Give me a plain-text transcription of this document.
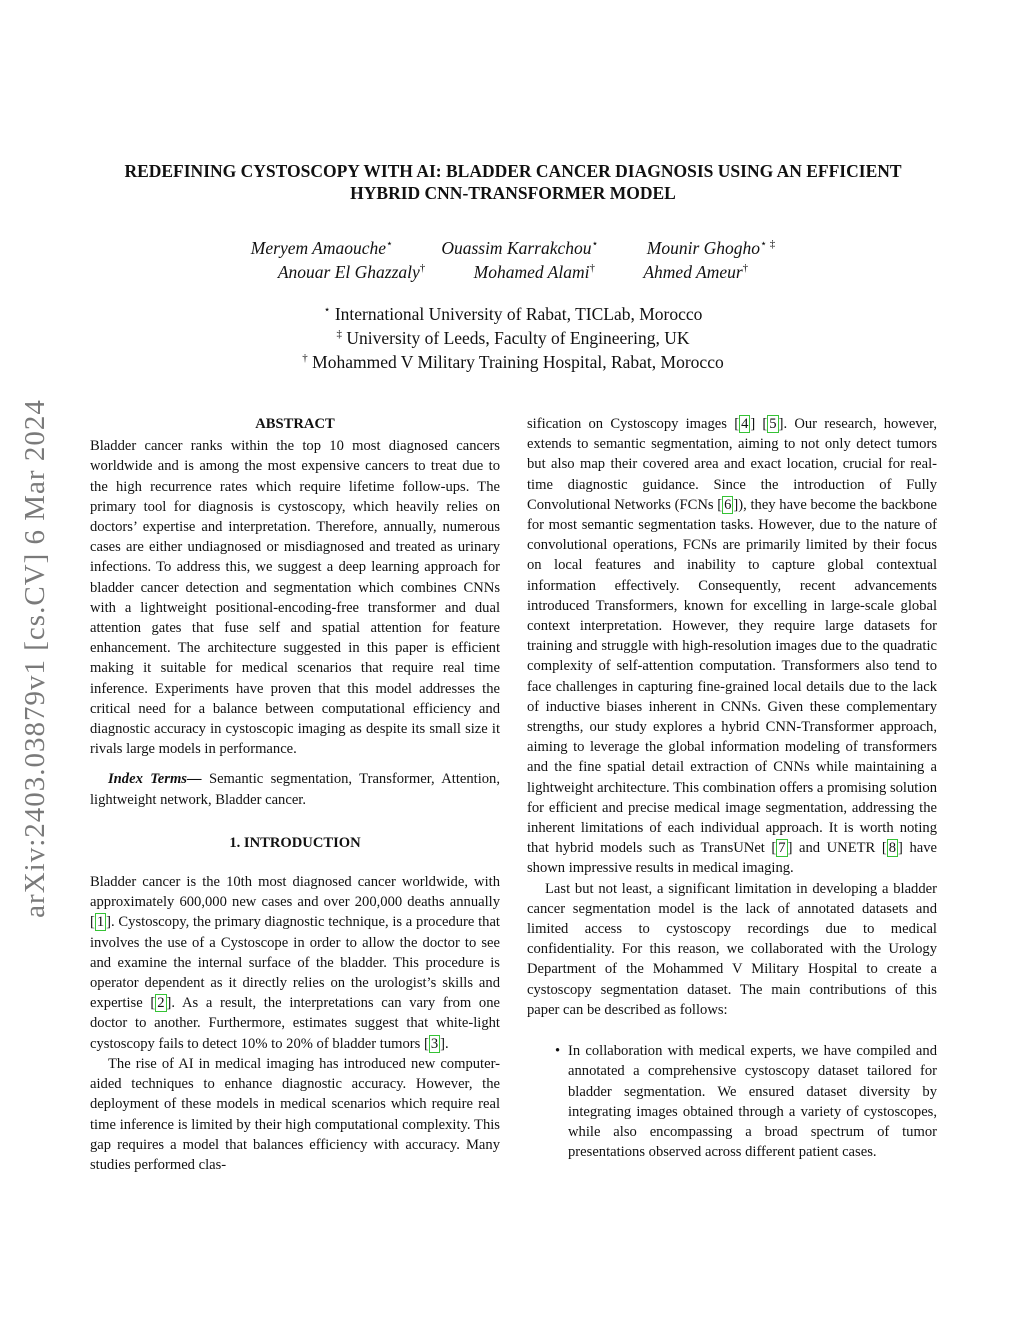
arXiv:2403.03879v1 [cs.CV] 6 Mar 2024
REDEFINING CYSTOSCOPY WITH AI: BLADDER CANCER DIAGNOSIS USING AN EFFICIENT HYBRID CNN-TRANSFORMER MODEL
Meryem Amaouche⋆	Ouassim Karrakchou⋆	Mounir Ghogho⋆ ‡
Anouar El Ghazzaly†	Mohamed Alami†	Ahmed Ameur†
⋆ International University of Rabat, TICLab, Morocco
‡ University of Leeds, Faculty of Engineering, UK
† Mohammed V Military Training Hospital, Rabat, Morocco
ABSTRACT

Bladder cancer ranks within the top 10 most diagnosed cancers worldwide and is among the most expensive cancers to treat due to the high recurrence rates which require lifetime follow-ups. The primary tool for diagnosis is cystoscopy, which heavily relies on doctors’ expertise and interpretation. Therefore, annually, numerous cases are either undiagnosed or misdiagnosed and treated as urinary infections. To address this, we suggest a deep learning approach for bladder cancer detection and segmentation which combines CNNs with a lightweight positional-encoding-free transformer and dual attention gates that fuse self and spatial attention for feature enhancement. The architecture suggested in this paper is efficient making it suitable for medical scenarios that require real time inference. Experiments have proven that this model addresses the critical need for a balance between computational efficiency and diagnostic accuracy in cystoscopic imaging as despite its small size it rivals large models in performance.

Index Terms— Semantic segmentation, Transformer, Attention, lightweight network, Bladder cancer.

1. INTRODUCTION

Bladder cancer is the 10th most diagnosed cancer worldwide, with approximately 600,000 new cases and over 200,000 deaths annually [ 1 ]. Cystoscopy, the primary diagnostic technique, is a procedure that involves the use of a Cystoscope in order to allow the doctor to see and examine the internal surface of the bladder. This procedure is operator dependent as it directly relies on the urologist’s skills and expertise [ 2 ]. As a result, the interpretations can vary from one doctor to another. Furthermore, estimates suggest that white-light cystoscopy fails to detect 10% to 20% of bladder tumors [ 3 ].

The rise of AI in medical imaging has introduced new computer-aided techniques to enhance diagnostic accuracy. However, the deployment of these models in medical scenarios which require real time inference is limited by their high computational complexity. This gap requires a model that balances efficiency with accuracy. Many studies performed clas-

sification on Cystoscopy images [ 4 ] [ 5 ]. Our research, however, extends to semantic segmentation, aiming to not only detect tumors but also map their covered area and exact location, crucial for real-time diagnostic guidance. Since the introduction of Fully Convolutional Networks (FCNs [ 6 ]), they have become the backbone for most semantic segmentation tasks. However, due to the nature of convolutional operations, FCNs are primarily limited by their focus on local features and inability to capture global contextual information effectively. Consequently, recent advancements introduced Transformers, known for excelling in large-scale global context interpretation. However, they require large datasets for training and struggle with high-resolution images due to the quadratic complexity of self-attention computation. Transformers also tend to face challenges in capturing fine-grained local details due to the lack of inductive biases inherent in CNNs. Given these complementary strengths, our study explores a hybrid CNN-Transformer approach, aiming to leverage the global information modeling of transformers and the fine spatial detail extraction of CNNs while maintaining a lightweight architecture. This combination offers a promising solution for efficient and precise medical image segmentation, addressing the inherent limitations of each individual approach. It is worth noting that hybrid models such as TransUNet [ 7 ] and UNETR [ 8 ] have shown impressive results in medical imaging.

Last but not least, a significant limitation in developing a bladder cancer segmentation model is the lack of annotated datasets and limited access to cystoscopy recordings due to medical confidentiality. For this reason, we collaborated with the Urology Department of the Mohammed V Military Hospital to create a cystoscopy segmentation dataset. The main contributions of this paper can be described as follows:

• In collaboration with medical experts, we have compiled and annotated a comprehensive cystoscopy dataset tailored for bladder segmentation. We ensured dataset diversity by integrating images obtained through a variety of cystoscopes, while also encompassing a broad spectrum of tumor presentations observed across different patient cases.
